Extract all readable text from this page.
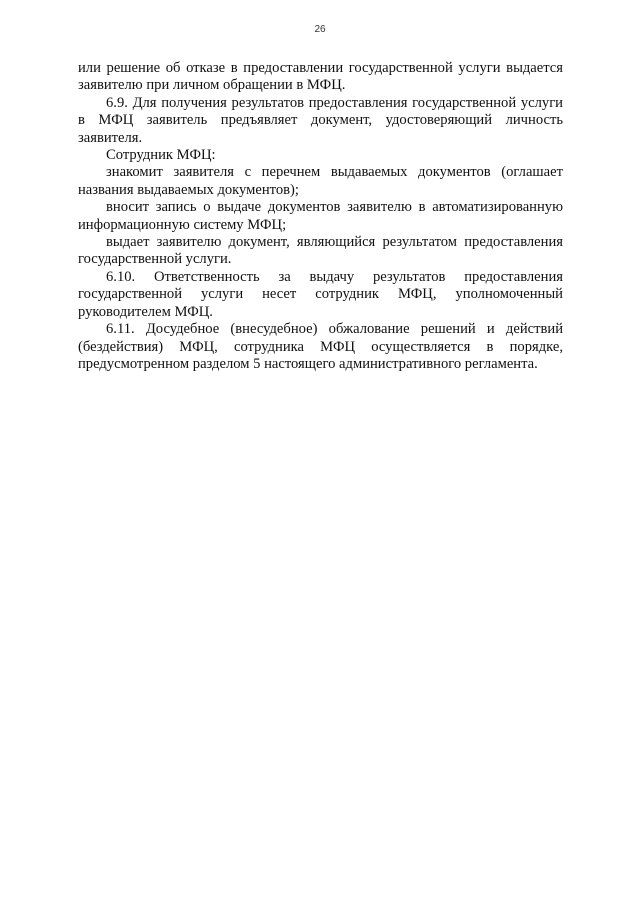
26

или решение об отказе в предоставлении государственной услуги выдается заявителю при личном обращении в МФЦ.

6.9. Для получения результатов предоставления государственной услуги в МФЦ заявитель предъявляет документ, удостоверяющий личность заявителя.

Сотрудник МФЦ:

знакомит заявителя с перечнем выдаваемых документов (оглашает названия выдаваемых документов);

вносит запись о выдаче документов заявителю в автоматизированную информационную систему МФЦ;

выдает заявителю документ, являющийся результатом предоставления государственной услуги.

6.10. Ответственность за выдачу результатов предоставления государственной услуги несет сотрудник МФЦ, уполномоченный руководителем МФЦ.

6.11. Досудебное (внесудебное) обжалование решений и действий (бездействия) МФЦ, сотрудника МФЦ осуществляется в порядке, предусмотренном разделом 5 настоящего административного регламента.
